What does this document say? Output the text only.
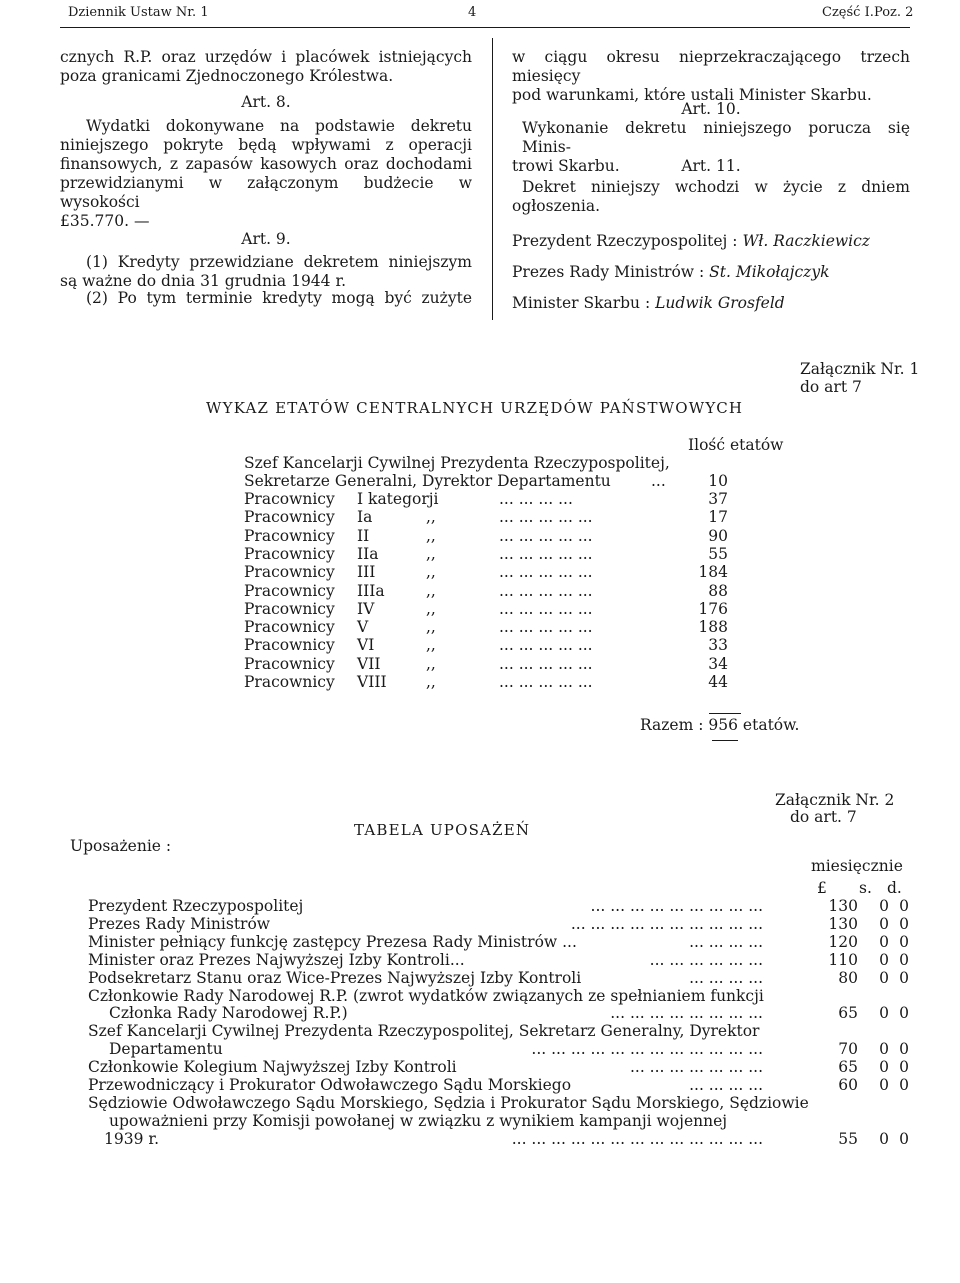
Dziennik Ustaw Nr. 1	4	Część I. Poz. 2
cznych R.P. oraz urzędów i placówek istniejących
poza granicami Zjednoczonego Królestwa.
Art. 8.
Wydatki dokonywane na podstawie dekretu
niniejszego pokryte będą wpływami z operacji
finansowych, z zapasów kasowych oraz dochodami
przewidzianymi w załączonym budżecie w wysokości
£35.770. —
Art. 9.
(1) Kredyty przewidziane dekretem niniejszym
są ważne do dnia 31 grudnia 1944 r.
(2) Po tym terminie kredyty mogą być zużyte
w ciągu okresu nieprzekraczającego trzech miesięcy
pod warunkami, które ustali Minister Skarbu.
Art. 10.
Wykonanie dekretu niniejszego porucza się Minis-
trowi Skarbu.	Art. 11.
Dekret niniejszy wchodzi w życie z dniem
ogłoszenia.
Prezydent Rzeczypospolitej : Wł. Raczkiewicz
Prezes Rady Ministrów : St. Mikołajczyk
Minister Skarbu : Ludwik Grosfeld
Załącznik Nr. 1
do art 7
WYKAZ ETATÓW CENTRALNYCH URZĘDÓW PAŃSTWOWYCH
Ilość etatów
Szef Kancelarji Cywilnej Prezydenta Rzeczypospolitej,
Sekretarze Generalni, Dyrektor Departamentu	...	10
Pracownicy I kategorji	... ... ... ...	37
Pracownicy Ia	,,	... ... ... ... ...	17
Pracownicy II	,,	... ... ... ... ...	90
Pracownicy IIa	,,	... ... ... ... ...	55
Pracownicy III	,,	... ... ... ... ...	184
Pracownicy IIIa	,,	... ... ... ... ...	88
Pracownicy IV	,,	... ... ... ... ...	176
Pracownicy V	,,	... ... ... ... ...	188
Pracownicy VI	,,	... ... ... ... ...	33
Pracownicy VII	,,	... ... ... ... ...	34
Pracownicy VIII	,,	... ... ... ... ...	44
Razem : 956 etatów.
Załącznik Nr. 2
do art. 7
Uposażenie :
TABELA UPOSAŻEŃ
miesięcznie
£ s. d.
Prezydent Rzeczypospolitej	... ... ... ... ... ... ... ... ...	130	0 0
Prezes Rady Ministrów	... ... ... ... ... ... ... ... ... ...	130	0 0
Minister pełniący funkcję zastępcy Prezesa Rady Ministrów ...	... ... ... ...	120	0 0
Minister oraz Prezes Najwyższej Izby Kontroli...	... ... ... ... ... ...	110	0 0
Podsekretarz Stanu oraz Wice-Prezes Najwyższej Izby Kontroli	... ... ... ...	80	0 0
Członkowie Rady Narodowej R.P. (zwrot wydatków związanych ze spełnianiem funkcji
Członka Rady Narodowej R.P.)	... ... ... ... ... ... ... ...	65	0 0
Szef Kancelarji Cywilnej Prezydenta Rzeczypospolitej, Sekretarz Generalny, Dyrektor
Departamentu	... ... ... ... ... ... ... ... ... ... ... ...	70	0 0
Członkowie Kolegium Najwyższej Izby Kontroli	... ... ... ... ... ... ...	65	0 0
Przewodniczący i Prokurator Odwoławczego Sądu Morskiego	... ... ... ...	60	0 0
Sędziowie Odwoławczego Sądu Morskiego, Sędzia i Prokurator Sądu Morskiego, Sędziowie
upoważnieni przy Komisji powołanej w związku z wynikiem kampanji wojennej
1939 r.	... ... ... ... ... ... ... ... ... ... ... ... ...	55	0 0
